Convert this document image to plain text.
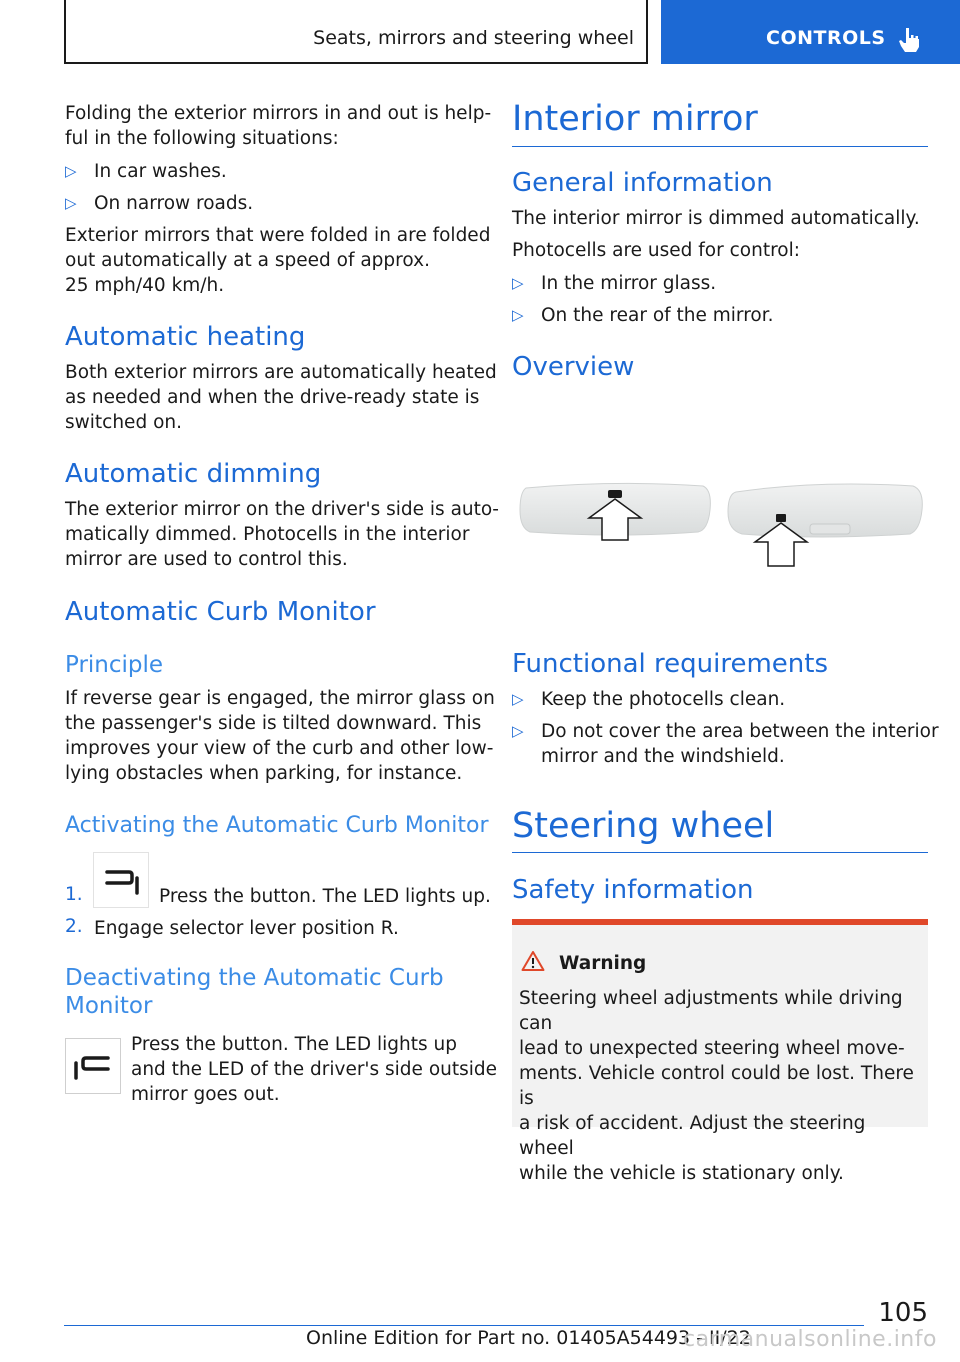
Seats, mirrors and steering wheel	CONTROLS

Folding the exterior mirrors in and out is help‐

ful in the following situations:

▷ In car washes.

▷ On narrow roads.

Exterior mirrors that were folded in are folded

out automatically at a speed of approx.

25 mph/40 km/h.

Automatic heating

Both exterior mirrors are automatically heated

as needed and when the drive-ready state is

switched on.

Automatic dimming

The exterior mirror on the driver's side is auto‐

matically dimmed. Photocells in the interior

mirror are used to control this.

Automatic Curb Monitor
Principle

If reverse gear is engaged, the mirror glass on

the passenger's side is tilted downward. This

improves your view of the curb and other low-

lying obstacles when parking, for instance.

Activating the Automatic Curb Monitor
1.	Press the button. The LED lights up.

2. Engage selector lever position R.

Deactivating the Automatic Curb
Monitor

Press the button. The LED lights up

and the LED of the driver's side outside

mirror goes out.

Interior mirror
General information

The interior mirror is dimmed automatically.

Photocells are used for control:

▷ In the mirror glass.

▷ On the rear of the mirror.

Overview
Functional requirements
▷ Keep the photocells clean.

▷ Do not cover the area between the interior

mirror and the windshield.

Steering wheel
Safety information
Warning

Steering wheel adjustments while driving can

lead to unexpected steering wheel move‐

ments. Vehicle control could be lost. There is

a risk of accident. Adjust the steering wheel

while the vehicle is stationary only.

105
Online Edition for Part no. 01405A54493 - II/22
carmanualsonline.info
